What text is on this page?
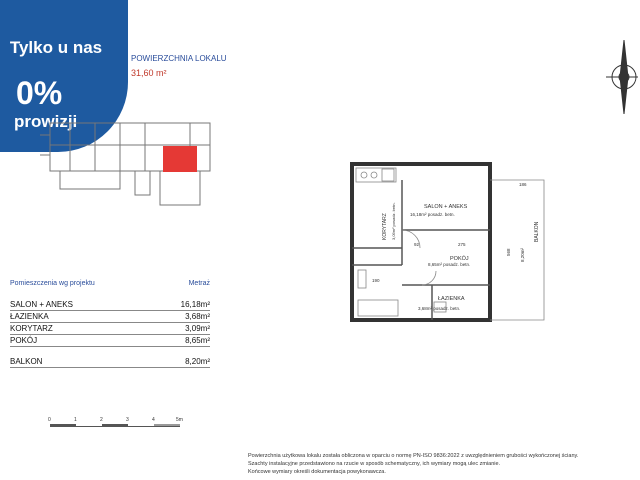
Tylko u nas
0%
prowizji
POWIERZCHNIA LOKALU
31,60 m²
Pomieszczenia wg projektu	Metraż
SALON + ANEKS	16,18m²
ŁAZIENKA	3,68m²
KORYTARZ	3,09m²
POKÓJ	8,65m²
BALKON	8,20m²
0	1	2	3	4	5m
SALON + ANEKS
16,18m² posadz. betn.
KORYTARZ 3,09m² posadz. betn.
POKÓJ
8,65m² posadz. betn.
ŁAZIENKA
3,68m² posadz. betn.
BALKON
8,20m²
275
92
190
186
568
Powierzchnia użytkowa lokalu została obliczona w oparciu o normę PN-ISO 9836:2022 z uwzględnieniem grubości wykończonej ściany.
Szachty instalacyjne przedstawiono na rzucie w sposób schematyczny, ich wymiary mogą ulec zmianie.
Końcowe wymiary określi dokumentacja powykonawcza.
